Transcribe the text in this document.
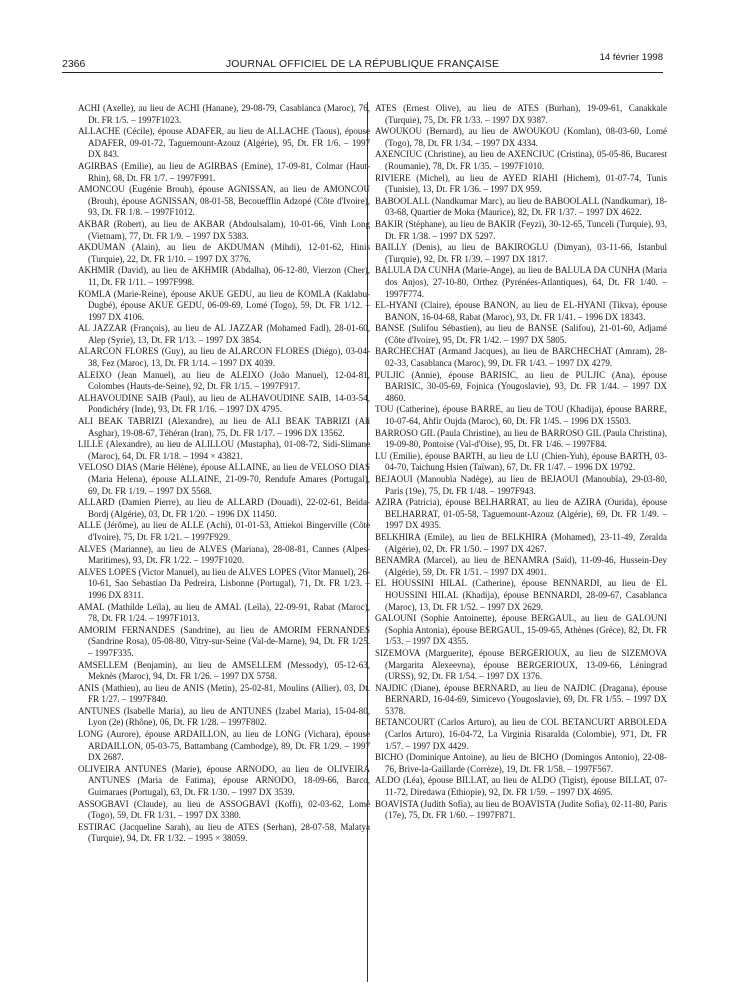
2366	JOURNAL OFFICIEL DE LA RÉPUBLIQUE FRANÇAISE
14 février 1998

ACHI (Axelle), au lieu de ACHI (Hanane), 29-08-79, Casablanca (Maroc), 76, Dt. FR 1/5. – 1997F1023.

ALLACHE (Cécile), épouse ADAFER, au lieu de ALLACHE (Taous), épouse ADAFER, 09-01-72, Taguemount-Azouz (Algérie), 95, Dt. FR 1/6. – 1997 DX 843.

AGIRBAS (Emilie), au lieu de AGIRBAS (Emine), 17-09-81, Colmar (Haut-Rhin), 68, Dt. FR 1/7. – 1997F991.

AMONCOU (Eugénie Brouh), épouse AGNISSAN, au lieu de AMONCOU (Brouh), épouse AGNISSAN, 08-01-58, Becouefflin Adzopé (Côte d'Ivoire), 93, Dt. FR 1/8. – 1997F1012.

AKBAR (Robert), au lieu de AKBAR (Abdoulsalam), 10-01-66, Vinh Long (Vietnam), 77, Dt. FR 1/9. – 1997 DX 5383.

AKDUMAN (Alain), au lieu de AKDUMAN (Mihdi), 12-01-62, Hinis (Turquie), 22, Dt. FR 1/10. – 1997 DX 3776.

AKHMIR (David), au lieu de AKHMIR (Abdalha), 06-12-80, Vierzon (Cher), 11, Dt. FR 1/11. – 1997F998.

KOMLA (Marie-Reine), épouse AKUE GEDU, au lieu de KOMLA (Kaklabu-Dugbé), épouse AKUE GEDU, 06-09-69, Lomé (Togo), 59, Dt. FR 1/12. – 1997 DX 4106.

AL JAZZAR (François), au lieu de AL JAZZAR (Mohamed Fadl), 28-01-60, Alep (Syrie), 13, Dt. FR 1/13. – 1997 DX 3854.

ALARCON FLORES (Guy), au lieu de ALARCON FLORES (Diégo), 03-04-38, Fez (Maroc), 13, Dt. FR 1/14. – 1997 DX 4039.

ALEIXO (Jean Manuel), au lieu de ALEIXO (João Manuel), 12-04-81, Colombes (Hauts-de-Seine), 92, Dt. FR 1/15. – 1997F917.

ALHAVOUDINE SAIB (Paul), au lieu de ALHAVOUDINE SAIB, 14-03-54, Pondichéry (Inde), 93, Dt. FR 1/16. – 1997 DX 4795.

ALI BEAK TABRIZI (Alexandre), au lieu de ALI BEAK TABRIZI (Ali Asghar), 19-08-67, Téhéran (Iran), 75, Dt. FR 1/17. – 1996 DX 13562.

LILLE (Alexandre), au lieu de ALILLOU (Mustapha), 01-08-72, Sidi-Slimane (Maroc), 64, Dt. FR 1/18. – 1994 × 43821.

VELOSO DIAS (Marie Hélène), épouse ALLAINE, au lieu de VELOSO DIAS (Maria Helena), épouse ALLAINE, 21-09-70, Rendufe Amares (Portugal), 69, Dt. FR 1/19. – 1997 DX 5568.

ALLARD (Damien Pierre), au lieu de ALLARD (Douadi), 22-02-61, Beïda-Bordj (Algérie), 03, Dt. FR 1/20. – 1996 DX 11450.

ALLE (Jérôme), au lieu de ALLE (Achi), 01-01-53, Attiekoi Bingerville (Côte d'Ivoire), 75, Dt. FR 1/21. – 1997F929.

ALVES (Marianne), au lieu de ALVES (Mariana), 28-08-81, Cannes (Alpes-Maritimes), 93, Dt. FR 1/22. – 1997F1020.

ALVES LOPES (Victor Manuel), au lieu de ALVES LOPES (Vitor Manuel), 26-10-61, Sao Sebastiao Da Pedreira, Lisbonne (Portugal), 71, Dt. FR 1/23. – 1996 DX 8311.

AMAL (Mathilde Leïla), au lieu de AMAL (Leïla), 22-09-91, Rabat (Maroc), 78, Dt. FR 1/24. – 1997F1013.

AMORIM FERNANDES (Sandrine), au lieu de AMORIM FERNANDES (Sandrine Rosa), 05-08-80, Vitry-sur-Seine (Val-de-Marne), 94, Dt. FR 1/25. – 1997F335.

AMSELLEM (Benjamin), au lieu de AMSELLEM (Messody), 05-12-63, Meknès (Maroc), 94, Dt. FR 1/26. – 1997 DX 5758.

ANIS (Mathieu), au lieu de ANIS (Metin), 25-02-81, Moulins (Allier), 03, Dt. FR 1/27. – 1997F840.

ANTUNES (Isabelle Maria), au lieu de ANTUNES (Izabel Maria), 15-04-80, Lyon (2e) (Rhône), 06, Dt. FR 1/28. – 1997F802.

LONG (Aurore), épouse ARDAILLON, au lieu de LONG (Vichara), épouse ARDAILLON, 05-03-75, Battambang (Cambodge), 89, Dt. FR 1/29. – 1997 DX 2687.

OLIVEIRA ANTUNES (Marie), épouse ARNODO, au lieu de OLIVEIRA ANTUNES (Maria de Fatima), épouse ARNODO, 18-09-66, Barco, Guimaraes (Portugal), 63, Dt. FR 1/30. – 1997 DX 3539.

ASSOGBAVI (Claude), au lieu de ASSOGBAVI (Koffi), 02-03-62, Lomé (Togo), 59, Dt. FR 1/31. – 1997 DX 3380.

ESTIRAC (Jacqueline Sarah), au lieu de ATES (Serhan), 28-07-58, Malatya (Turquie), 94, Dt. FR 1/32. – 1995 × 38059.

ATES (Ernest Olive), au lieu de ATES (Burhan), 19-09-61, Canakkale (Turquie), 75, Dt. FR 1/33. – 1997 DX 9387.

AWOUKOU (Bernard), au lieu de AWOUKOU (Komlan), 08-03-60, Lomé (Togo), 78, Dt. FR 1/34. – 1997 DX 4334.

AXENCIUC (Christine), au lieu de AXENCIUC (Cristina), 05-05-86, Bucarest (Roumanie), 78, Dt. FR 1/35. – 1997F1010.

RIVIERE (Michel), au lieu de AYED RIAHI (Hichem), 01-07-74, Tunis (Tunisie), 13, Dt. FR 1/36. – 1997 DX 959.

BABOOLALL (Nandkumar Marc), au lieu de BABOOLALL (Nandkumar), 18-03-68, Quartier de Moka (Maurice), 82, Dt. FR 1/37. – 1997 DX 4622.

BAKIR (Stéphane), au lieu de BAKIR (Feyzi), 30-12-65, Tunceli (Turquie), 93, Dt. FR 1/38. – 1997 DX 5297.

BAILLY (Denis), au lieu de BAKIROGLU (Dimyan), 03-11-66, Istanbul (Turquie), 92, Dt. FR 1/39. – 1997 DX 1817.

BALULA DA CUNHA (Marie-Ange), au lieu de BALULA DA CUNHA (Maria dos Anjos), 27-10-80, Orthez (Pyrénées-Atlantiques), 64, Dt. FR 1/40. – 1997F774.

EL-HYANI (Claire), épouse BANON, au lieu de EL-HYANI (Tikva), épouse BANON, 16-04-68, Rabat (Maroc), 93, Dt. FR 1/41. – 1996 DX 18343.

BANSE (Sulifou Sébastien), au lieu de BANSE (Salifou), 21-01-60, Adjamé (Côte d'Ivoire), 95, Dt. FR 1/42. – 1997 DX 5805.

BARCHECHAT (Armand Jacques), au lieu de BARCHECHAT (Amram), 28-02-33, Casablanca (Maroc), 99, Dt. FR 1/43. – 1997 DX 4279.

PULJIC (Annie), épouse BARISIC, au lieu de PULJIC (Ana), épouse BARISIC, 30-05-69, Fojnica (Yougoslavie), 93, Dt. FR 1/44. – 1997 DX 4860.

TOU (Catherine), épouse BARRE, au lieu de TOU (Khadija), épouse BARRE, 10-07-64, Ahfir Oujda (Maroc), 60, Dt. FR 1/45. – 1996 DX 15503.

BARROSO GIL (Paula Christine), au lieu de BARROSO GIL (Paula Christina), 19-09-80, Pontoise (Val-d'Oise), 95, Dt. FR 1/46. – 1997F84.

LU (Emilie), épouse BARTH, au lieu de LU (Chien-Yuh), épouse BARTH, 03-04-70, Taichung Hsien (Taïwan), 67, Dt. FR 1/47. – 1996 DX 19792.

BEJAOUI (Manoubïa Nadège), au lieu de BEJAOUI (Manoubïa), 29-03-80, Paris (19e), 75, Dt. FR 1/48. – 1997F943.

AZIRA (Patricia), épouse BELHARRAT, au lieu de AZIRA (Ourida), épouse BELHARRAT, 01-05-58, Taguemount-Azouz (Algérie), 69, Dt. FR 1/49. – 1997 DX 4935.

BELKHIRA (Emile), au lieu de BELKHIRA (Mohamed), 23-11-49, Zeralda (Algérie), 02, Dt. FR 1/50. – 1997 DX 4267.

BENAMRA (Marcel), au lieu de BENAMRA (Saïd), 11-09-46, Hussein-Dey (Algérie), 59, Dt. FR 1/51. – 1997 DX 4901.

EL HOUSSINI HILAL (Catherine), épouse BENNARDI, au lieu de EL HOUSSINI HILAL (Khadija), épouse BENNARDI, 28-09-67, Casablanca (Maroc), 13, Dt. FR 1/52. – 1997 DX 2629.

GALOUNI (Sophie Antoinette), épouse BERGAUL, au lieu de GALOUNI (Sophia Antonia), épouse BERGAUL, 15-09-65, Athènes (Grèce), 82, Dt. FR 1/53. – 1997 DX 4355.

SIZEMOVA (Marguerite), épouse BERGERIOUX, au lieu de SIZEMOVA (Margarita Alexeevna), épouse BERGERIOUX, 13-09-66, Léningrad (URSS), 92, Dt. FR 1/54. – 1997 DX 1376.

NAJDIC (Diane), épouse BERNARD, au lieu de NAJDIC (Dragana), épouse BERNARD, 16-04-69, Simicevo (Yougoslavie), 69, Dt. FR 1/55. – 1997 DX 5378.

BETANCOURT (Carlos Arturo), au lieu de COL BETANCURT ARBOLEDA (Carlos Arturo), 16-04-72, La Virginia Risaralda (Colombie), 971, Dt. FR 1/57. – 1997 DX 4429.

BICHO (Dominique Antoine), au lieu de BICHO (Domingos Antonio), 22-08-76, Brive-la-Gaillarde (Corrèze), 19, Dt. FR 1/58. – 1997F567.

ALDO (Léa), épouse BILLAT, au lieu de ALDO (Tigist), épouse BILLAT, 07-11-72, Diredawa (Ethiopie), 92, Dt. FR 1/59. – 1997 DX 4695.

BOAVISTA (Judith Sofia), au lieu de BOAVISTA (Judite Sofia), 02-11-80, Paris (17e), 75, Dt. FR 1/60. – 1997F871.
